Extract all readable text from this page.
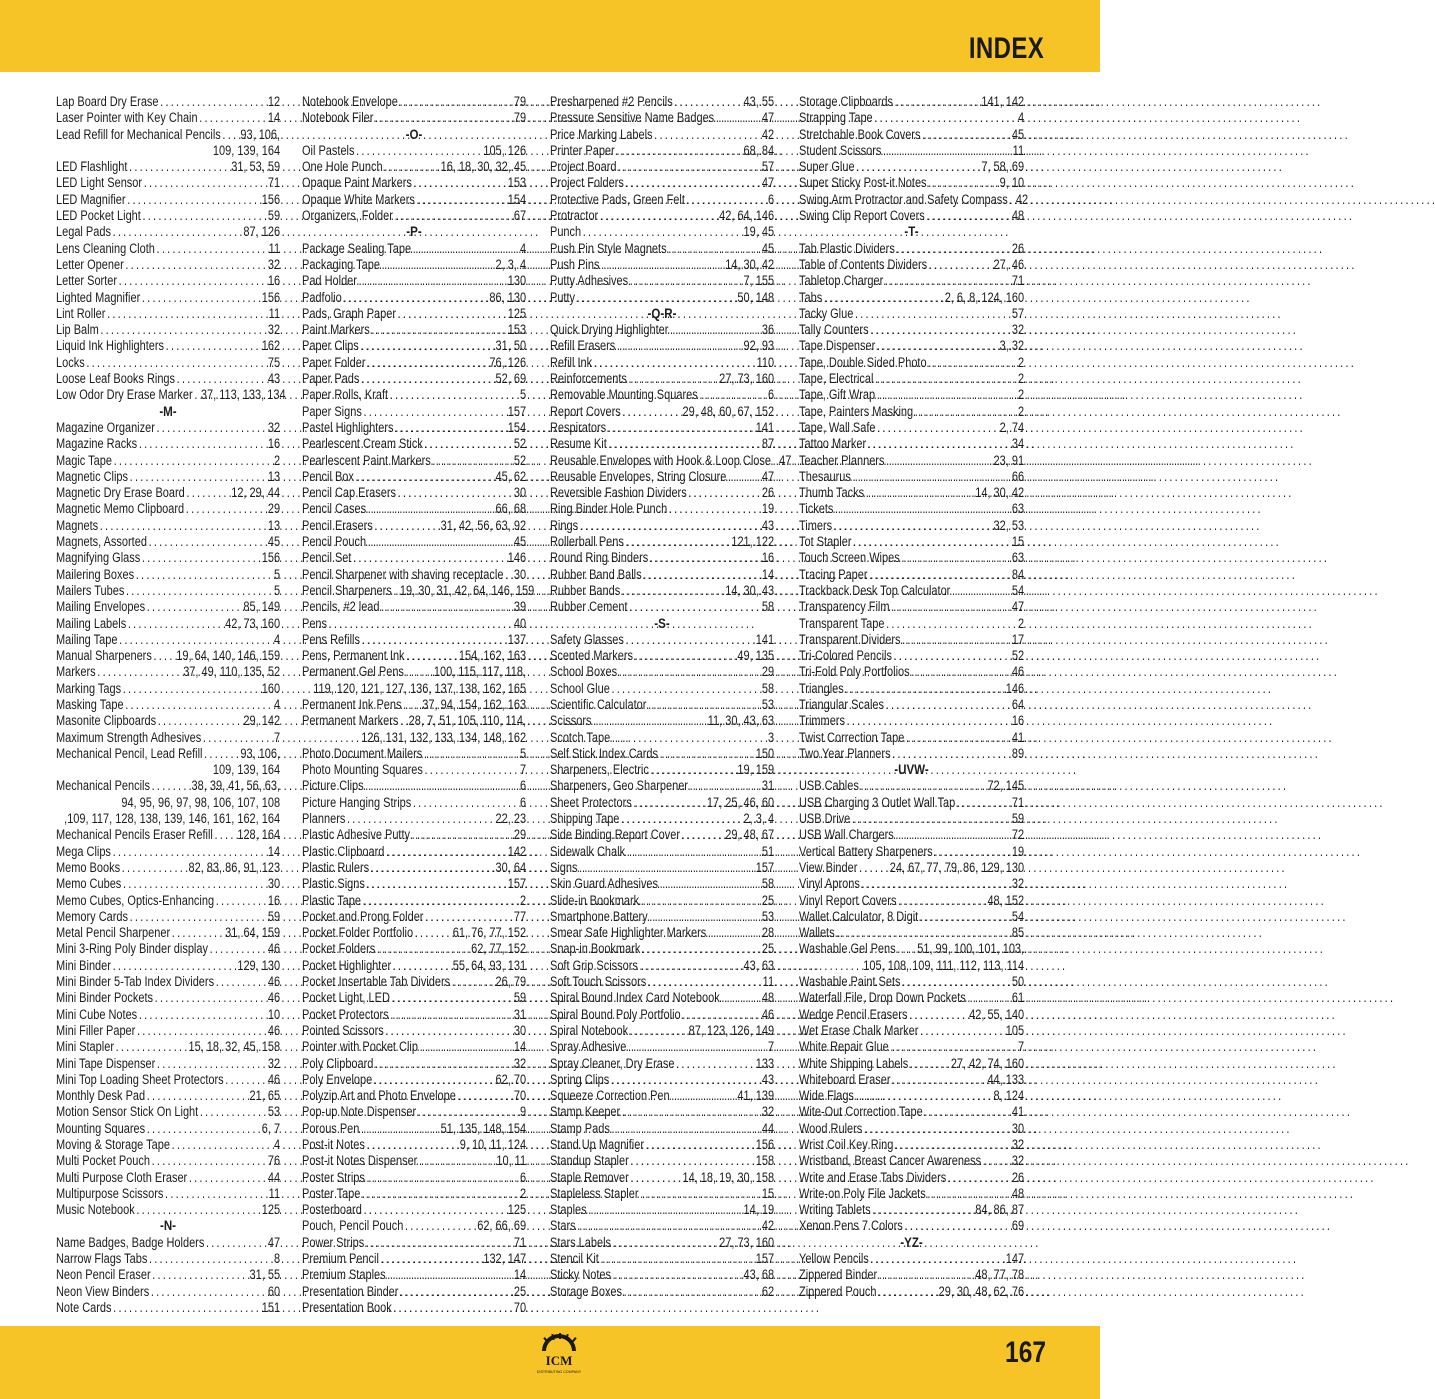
INDEX
Lap Board Dry Erase . . .	12
Laser Pointer with Key Chain . . .	14
Lead Refill for Mechanical Pencils . . . 93, 106,
109, 139, 164
LED Flashlight . . .	31, 53, 59
LED Light Sensor . . .	71
LED Magnifier . . .	156
LED Pocket Light . . .	59
Legal Pads . . .	87, 126
Lens Cleaning Cloth . . .	11
Letter Opener . . .	32
Letter Sorter . . .	16
Lighted Magnifier . . .	156
Lint Roller . . .	11
Lip Balm . . .	32
Liquid Ink Highlighters . . .	162
Locks . . .	75
Loose Leaf Books Rings . . .	43
Low Odor Dry Erase Marker . . . 37, 113, 133, 134
-M-
Magazine Organizer . . .	32
Magazine Racks . . .	16
Magic Tape . . .	2
Magnetic Clips . . .	13
Magnetic Dry Erase Board . . .	12, 29, 44
Magnetic Memo Clipboard . . .	29
Magnets . . .	13
Magnets, Assorted . . .	45
Magnifying Glass . . .	156
Mailering Boxes . . .	5
Mailers Tubes . . .	5
Mailing Envelopes . . .	85, 149
Mailing Labels . . .	42, 73, 160
Mailing Tape . . .	4
Manual Sharpeners . . . 19, 64, 140, 146, 159
Markers . . .	37, 49, 110, 135, 52
Marking Tags . . .	160
Masking Tape . . .	4
Masonite Clipboards . . .	29, 142
Maximum Strength Adhesives . . .	7
Mechanical Pencil, Lead Refill . . .	93, 106,
109, 139, 164
Mechanical Pencils . . .	38, 39, 41, 56, 63,
94, 95, 96, 97, 98, 106, 107, 108
,109, 117, 128, 138, 139, 146, 161, 162, 164
Mechanical Pencils Eraser Refill . . . 128, 164
Mega Clips . . .	14
Memo Books . . .	82, 83, 86, 91, 123
Memo Cubes . . .	30
Memo Cubes, Optics-Enhancing . . .	16
Memory Cards . . .	59
Metal Pencil Sharpener . . .	31, 64, 159
Mini 3-Ring Poly Binder display . . .	46
Mini Binder . . .	129, 130
Mini Binder 5-Tab Index Dividers . . .	46
Mini Binder Pockets . . .	46
Mini Cube Notes . . .	10
Mini Filler Paper . . .	46
Mini Stapler . . .	15, 18, 32, 45, 158
Mini Tape Dispenser . . .	32
Mini Top Loading Sheet Protectors . . .	46
Monthly Desk Pad . . .	21, 65
Motion Sensor Stick On Light . . .	53
Mounting Squares . . .	6, 7
Moving & Storage Tape . . .	4
Multi Pocket Pouch . . .	76
Multi Purpose Cloth Eraser . . .	44
Multipurpose Scissors . . .	11
Music Notebook . . .	125
-N-
Name Badges, Badge Holders . . .	47
Narrow Flags Tabs . . .	8
Neon Pencil Eraser . . .	31, 55
Neon View Binders . . .	60
Note Cards . . .	151
Notebook Envelope . . .	79
Notebook Filer . . .	79
-O-
Oil Pastels . . .	105, 126
One Hole Punch . . .	16, 18, 30, 32, 45
Opaque Paint Markers . . .	153
Opaque White Markers . . .	154
Organizers, Folder . . .	67
-P-
Package Sealing Tape . . .	4
Packaging Tape . . .	2, 3, 4
Pad Holder . . .	130
Padfolio . . .	86, 130
Pads, Graph Paper . . .	125
Paint Markers . . .	153
Paper Clips . . .	31, 50
Paper Folder . . .	76, 126
Paper Pads . . .	52, 69
Paper Rolls, Kraft . . .	5
Paper Signs . . .	157
Pastel Highlighters . . .	154
Pearlescent Cream Stick . . .	52
Pearlescent Paint Markers . . .	52
Pencil Box . . .	45, 62
Pencil Cap Erasers . . .	30
Pencil Cases . . .	66, 68
Pencil Erasers . . .	31, 42, 56, 63, 92
Pencil Pouch . . .	45
Pencil Set . . .	146
Pencil Sharpener with shaving receptacle . . . 30
Pencil Sharpeners . . . 19, 30, 31, 42, 64, 146, 159
Pencils, #2 lead . . .	39
Pens . . .	40
Pens Refills . . .	137
Pens, Permanent Ink . . .	154, 162, 163
Permanent Gel Pens . . . 100, 115, 117, 118,
119, 120, 121, 127, 136, 137, 138, 162, 165
Permanent Ink Pens . . . 37, 94, 154, 162, 163
Permanent Markers . . . 28, 7, 51, 105, 110, 114,
126, 131, 132, 133, 134, 148, 162
Photo Document Mailers . . .	5
Photo Mounting Squares . . .	7
Picture Clips . . .	6
Picture Hanging Strips . . .	6
Planners . . .	22, 23
Plastic Adhesive Putty . . .	29
Plastic Clipboard . . .	142
Plastic Rulers . . .	30, 64
Plastic Signs . . .	157
Plastic Tape . . .	2
Pocket and Prong Folder . . .	77
Pocket Folder Portfolio . . .	61, 76, 77, 152
Pocket Folders . . .	62, 77, 152
Pocket Highlighter . . .	55, 64, 93, 131
Pocket Insertable Tab Dividers . . .	26, 79
Pocket Light, LED . . .	59
Pocket Protectors . . .	31
Pointed Scissors . . .	30
Pointer with Pocket Clip . . .	14
Poly Clipboard . . .	32
Poly Envelope . . .	62, 70
Polyzip Art and Photo Envelope . . .	70
Pop-up Note Dispenser . . .	9
Porous Pen . . .	51, 135, 148, 154
Post-it Notes . . .	9, 10, 11, 124
Post-it Notes Dispenser . . .	10, 11
Poster Strips . . .	6
Poster Tape . . .	2
Posterboard . . .	125
Pouch, Pencil Pouch . . .	62, 66, 69
Power Strips . . .	71
Premium Pencil . . .	132, 147
Premium Staples . . .	14
Presentation Binder . . .	25
Presentation Book . . .	70
Presharpened #2 Pencils . . .	43, 55
Pressure Sensitive Name Badges . . .	47
Price Marking Labels . . .	42
Printer Paper . . .	68, 84
Project Board . . .	57
Project Folders . . .	47
Protective Pads, Green Felt . . .	6
Protractor . . .	42, 64, 146
Punch . . .	19, 45
Push Pin Style Magnets . . .	45
Push Pins . . .	14, 30, 42
Putty Adhesives . . .	7, 155
Putty . . .	50, 148
-Q-R-
Quick Drying Highlighter . . .	36
Refill Erasers . . .	92, 93
Refill Ink . . .	110
Reinforcements . . .	27, 73, 160
Removable Mounting Squares . . .	6
Report Covers . . .	29, 48, 60, 67, 152
Respirators . . .	141
Resume Kit . . .	87
Reusable Envelopes with Hook & Loop Close . . . 47
Reusable Envelopes, String Closure . . .	47
Reversible Fashion Dividers . . .	26
Ring Binder Hole Punch . . .	19
Rings . . .	43
Rollerball Pens . . .	121, 122
Round Ring Binders . . .	16
Rubber Band Balls . . .	14
Rubber Bands . . .	14, 30, 43
Rubber Cement . . .	58
-S-
Safety Glasses . . .	141
Scented Markers . . .	49, 135
School Boxes . . .	29
School Glue . . .	58
Scientific Calculator . . .	53
Scissors . . .	11, 30, 43, 63
Scotch Tape . . .	3
Self Stick Index Cards . . .	150
Sharpeners, Electric . . .	19, 159
Sharpeners, Geo Sharpener . . .	31
Sheet Protectors . . .	17, 25, 46, 60
Shipping Tape . . .	2, 3, 4
Side Binding Report Cover . . .	29, 48, 67
Sidewalk Chalk . . .	51
Signs . . .	157
Skin Guard Adhesives . . .	58
Slide-in Bookmark . . .	25
Smartphone Battery . . .	53
Smear Safe Highlighter Markers . . .	28
Snap-in Bookmark . . .	25
Soft Grip Scissors . . .	43, 63
Soft Touch Scissors . . .	11
Spiral Bound Index Card Notebook . . .	48
Spiral Bound Poly Portfolio . . .	46
Spiral Notebook . . .	87, 123, 126, 149
Spray Adhesive . . .	7
Spray Cleaner, Dry Erase . . .	133
Spring Clips . . .	43
Squeeze Correction Pen . . .	41, 139
Stamp Keeper . . .	32
Stamp Pads . . .	44
Stand Up Magnifier . . .	156
Standup Stapler . . .	158
Staple Remover . . .	14, 18, 19, 30, 158
Stapleless Stapler . . .	15
Staples . . .	14, 19
Stars . . .	42
Stars Labels . . .	27, 73, 160
Stencil Kit . . .	157
Sticky Notes . . .	43, 68
Storage Boxes . . .	62
Storage Clipboards . . .	141, 142
Strapping Tape . . .	4
Stretchable Book Covers . . .	45
Student Scissors . . .	11
Super Glue . . .	7, 58, 69
Super Sticky Post-it Notes . . .	9, 10
Swing Arm Protractor and Safety Compass . . . 42
Swing Clip Report Covers . . .	48
-T-
Tab Plastic Dividers . . .	26
Table of Contents Dividers . . .	27, 46
Tabletop Charger . . .	71
Tabs . . .	2, 6, 8, 124, 160
Tacky Glue . . .	57
Tally Counters . . .	32
Tape Dispenser . . .	3, 32
Tape, Double Sided Photo . . .	2
Tape, Electrical . . .	2
Tape, Gift Wrap . . .	2
Tape, Painters Masking . . .	2
Tape, Wall Safe . . .	2, 74
Tattoo Marker . . .	34
Teacher Planners . . .	23, 91
Thesaurus . . .	66
Thumb Tacks . . .	14, 30, 42
Tickets . . .	63
Timers . . .	32, 53
Tot Stapler . . .	15
Touch Screen Wipes . . .	63
Tracing Paper . . .	84
Trackback Desk Top Calculator . . .	54
Transparency Film . . .	47
Transparent Tape . . .	2
Transparent Dividers . . .	17
Tri-Colored Pencils . . .	52
Tri-Fold Poly Portfolios . . .	46
Triangles . . .	146
Triangular Scales . . .	64
Trimmers . . .	16
Twist Correction Tape . . .	41
Two Year Planners . . .	89
-UVW-
USB Cables . . .	72, 145
USB Charging 3 Outlet Wall Tap . . .	71
USB Drive . . .	59
USB Wall Chargers . . .	72
Vertical Battery Sharpeners . . .	19
View Binder . . . 24, 67, 77, 79, 86, 129, 130
Vinyl Aprons . . .	32
Vinyl Report Covers . . .	48, 152
Wallet Calculator, 8 Digit . . .	54
Wallets . . .	85
Washable Gel Pens . . . 51, 99, 100, 101, 103,
105, 108, 109, 111, 112, 113, 114
Washable Paint Sets . . .	50
Waterfall File, Drop Down Pockets . . .	61
Wedge Pencil Erasers . . .	42, 55, 140
Wet Erase Chalk Marker . . .	105
White Repair Glue . . .	7
White Shipping Labels . . .	27, 42, 74, 160
Whiteboard Eraser . . .	44, 133
Wide Flags . . .	8, 124
Wite-Out Correction Tape . . .	41
Wood Rulers . . .	30
Wrist Coil Key Ring . . .	32
Wristband, Breast Cancer Awareness . . . 32
Write and Erase Tabs Dividers . . .	26
Write-on Poly File Jackets . . .	48
Writing Tablets . . .	84, 86, 87
Xenon Pens 7 Colors . . .	69
-YZ-
Yellow Pencils . . .	147
Zippered Binder . . .	48, 77, 78
Zippered Pouch . . .	29, 30, 48, 62, 76
ICM
DISTRIBUTING COMPANY
167
